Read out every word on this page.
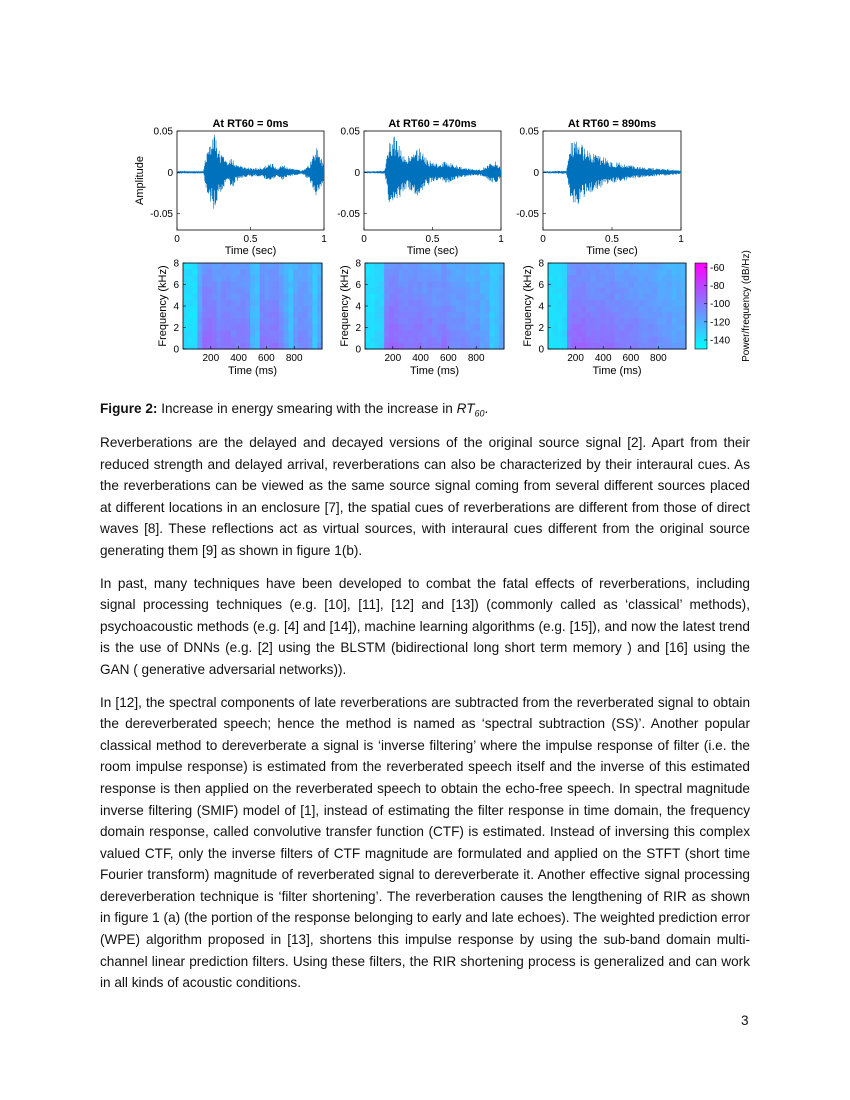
At RT60 = 0ms
0.05
0
-0.05
0	0.5	1
Time (sec)
Amplitude
At RT60 = 470ms
0.05
0
-0.05
0	0.5	1
Time (sec)
At RT60 = 890ms
0.05
0
-0.05
0	0.5	1
Time (sec)
200 400 600 800
0
2
4
6
8
Time (ms)
Frequency (kHz)
200 400 600 800
0
2
4
6
8
Time (ms)
Frequency (kHz)
200 400 600 800
0
2
4
6
8
Time (ms)
Frequency (kHz)	-60
-80
-100
-120
-140 Power/frequency (dB/Hz)
Figure 2: Increase in energy smearing with the increase in $RT_{60}$.

Reverberations are the delayed and decayed versions of the original source signal [2]. Apart from their reduced strength and delayed arrival, reverberations can also be characterized by their interaural cues. As the reverberations can be viewed as the same source signal coming from several different sources placed at different locations in an enclosure [7], the spatial cues of reverberations are different from those of direct waves [8]. These reflections act as virtual sources, with interaural cues different from the original source generating them [9] as shown in figure 1(b).

In past, many techniques have been developed to combat the fatal effects of reverberations, including signal processing techniques (e.g. [10], [11], [12] and [13]) (commonly called as ‘classical’ methods), psychoacoustic methods (e.g. [4] and [14]), machine learning algorithms (e.g. [15]), and now the latest trend is the use of DNNs (e.g. [2] using the BLSTM (bidirectional long short term memory ) and [16] using the GAN ( generative adversarial networks)).

In [12], the spectral components of late reverberations are subtracted from the reverberated signal to obtain the dereverberated speech; hence the method is named as ‘spectral subtraction (SS)’. Another popular classical method to dereverberate a signal is ‘inverse filtering’ where the impulse response of filter (i.e. the room impulse response) is estimated from the reverberated speech itself and the inverse of this estimated response is then applied on the reverberated speech to obtain the echo-free speech. In spectral magnitude inverse filtering (SMIF) model of [1], instead of estimating the filter response in time domain, the frequency domain response, called convolutive transfer function (CTF) is estimated. Instead of inversing this complex valued CTF, only the inverse filters of CTF magnitude are formulated and applied on the STFT (short time Fourier transform) magnitude of reverberated signal to dereverberate it. Another effective signal processing dereverberation technique is ‘filter shortening’. The reverberation causes the lengthening of RIR as shown in figure 1 (a) (the portion of the response belonging to early and late echoes). The weighted prediction error (WPE) algorithm proposed in [13], shortens this impulse response by using the sub-band domain multi-channel linear prediction filters. Using these filters, the RIR shortening process is generalized and can work in all kinds of acoustic conditions.

3
